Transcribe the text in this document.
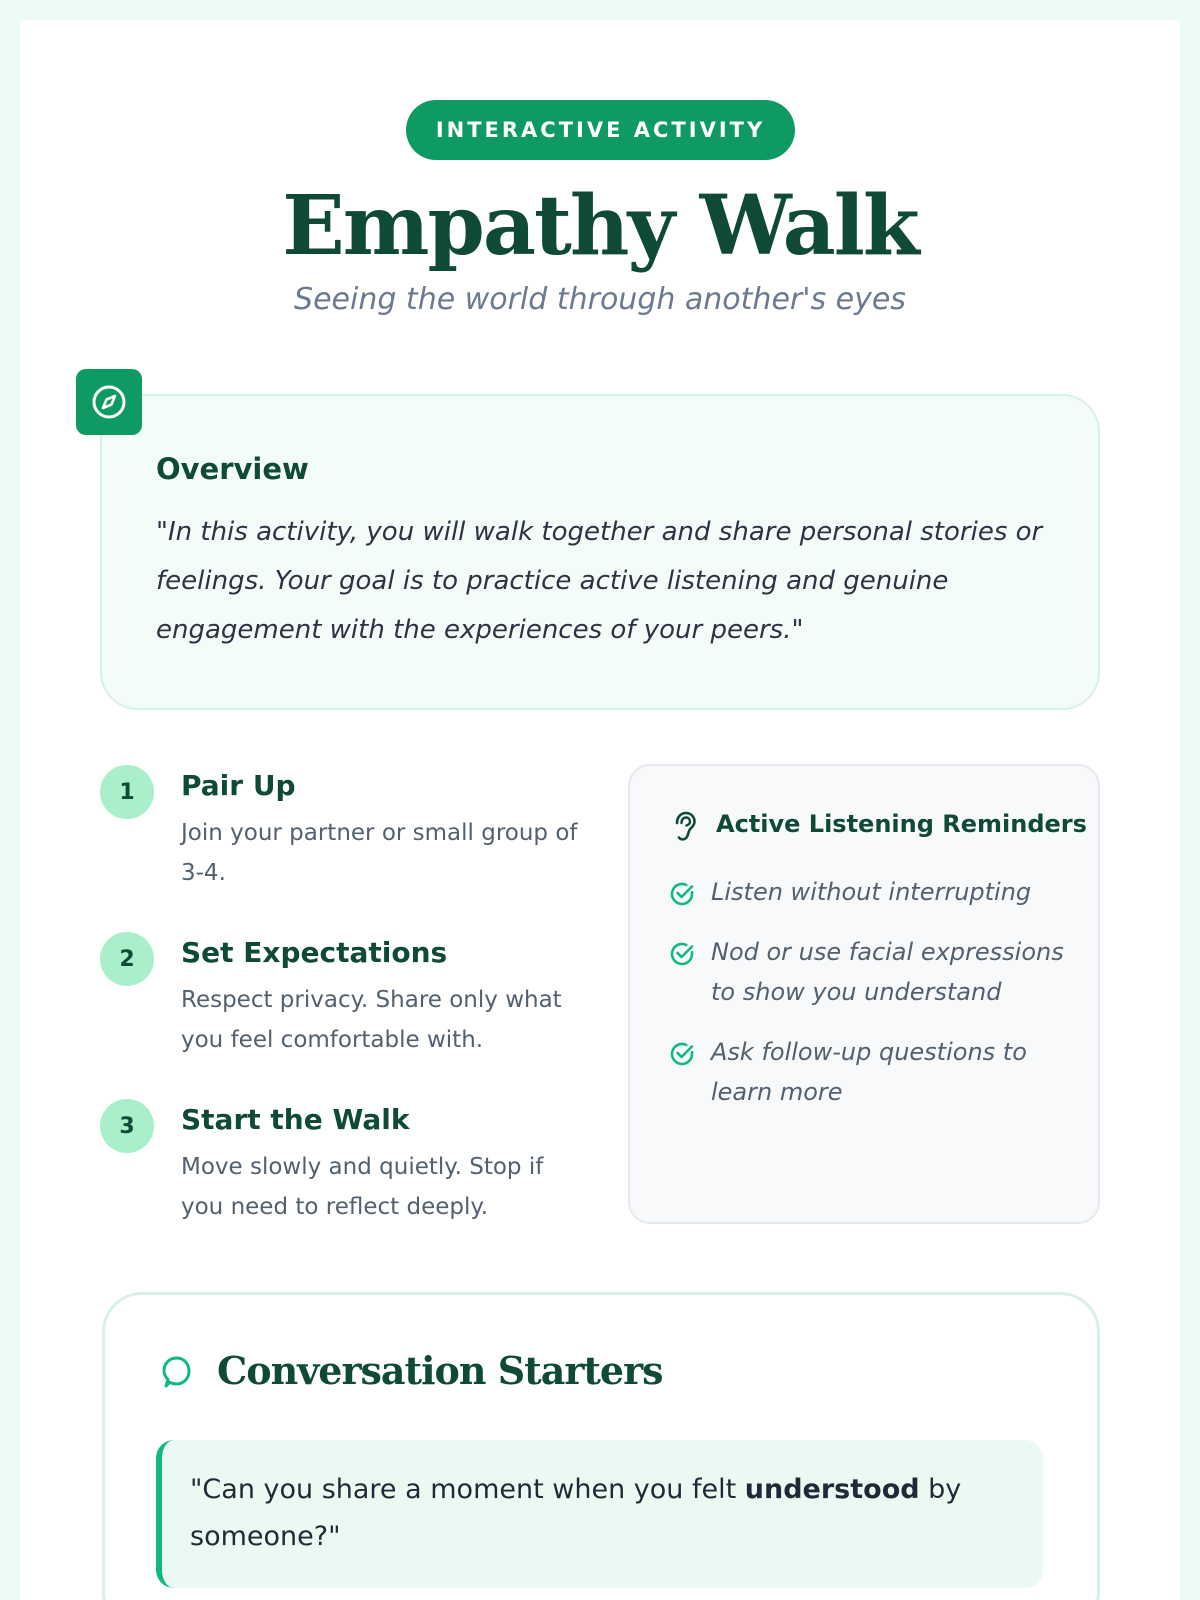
INTERACTIVE ACTIVITY
Empathy Walk
Seeing the world through another's eyes
Overview
"In this activity, you will walk together and share personal stories or feelings. Your goal is to practice active listening and genuine engagement with the experiences of your peers."
1	Pair Up
Join your partner or small group of 3-4.
2	Set Expectations
Respect privacy. Share only what you feel comfortable with.
3	Start the Walk
Move slowly and quietly. Stop if you need to reflect deeply.
Active Listening Reminders
Listen without interrupting
Nod or use facial expressions to show you understand
Ask follow-up questions to learn more
Conversation Starters
"Can you share a moment when you felt understood by someone?"
